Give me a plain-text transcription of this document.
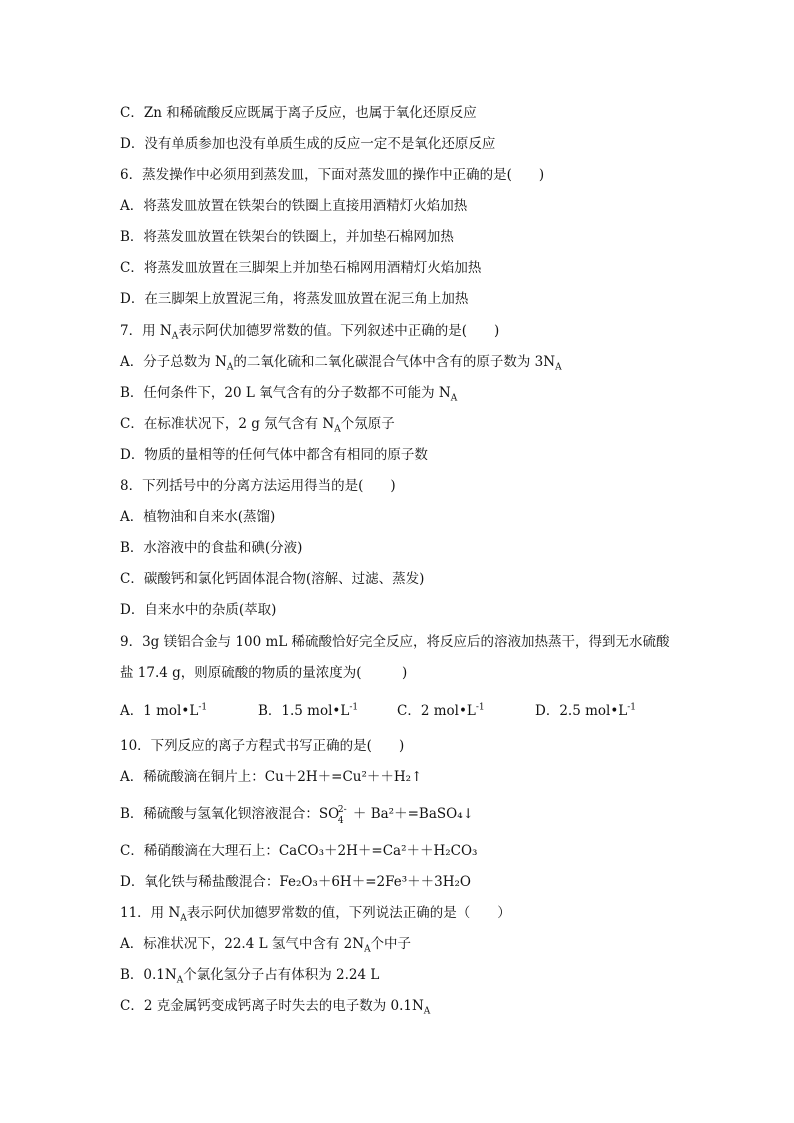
C．Zn 和稀硫酸反应既属于离子反应，也属于氧化还原反应
D．没有单质参加也没有单质生成的反应一定不是氧化还原反应
6．蒸发操作中必须用到蒸发皿，下面对蒸发皿的操作中正确的是(　　)
A．将蒸发皿放置在铁架台的铁圈上直接用酒精灯火焰加热
B．将蒸发皿放置在铁架台的铁圈上，并加垫石棉网加热
C．将蒸发皿放置在三脚架上并加垫石棉网用酒精灯火焰加热
D．在三脚架上放置泥三角，将蒸发皿放置在泥三角上加热
7．用 $N_A$表示阿伏加德罗常数的值。下列叙述中正确的是(　　)
A．分子总数为 $N_A$的二氧化硫和二氧化碳混合气体中含有的原子数为 $3N_A$
B．任何条件下，20 L 氧气含有的分子数都不可能为 $N_A$
C．在标准状况下，2 g 氖气含有 $N_A$个氖原子
D．物质的量相等的任何气体中都含有相同的原子数
8．下列括号中的分离方法运用得当的是(　　)
A．植物油和自来水(蒸馏)
B．水溶液中的食盐和碘(分液)
C．碳酸钙和氯化钙固体混合物(溶解、过滤、蒸发)
D．自来水中的杂质(萃取)
9．3g 镁铝合金与 100 mL 稀硫酸恰好完全反应，将反应后的溶液加热蒸干，得到无水硫酸
盐 17.4 g，则原硫酸的物质的量浓度为(　　　)
A．1 $mol•L^{-1}$	B．1.5 $mol•L^{-1}$	C．2 $mol•L^{-1}$	D．2.5 $mol•L^{-1}$
10．下列反应的离子方程式书写正确的是(　　)
A．稀硫酸滴在铜片上：Cu＋2H＋=Cu²＋＋H₂↑
B．稀硫酸与氢氧化钡溶液混合： SO
2-
4 ＋ Ba²＋=BaSO₄↓
C．稀硝酸滴在大理石上：CaCO₃＋2H＋=Ca²＋＋H₂CO₃
D．氧化铁与稀盐酸混合：Fe₂O₃＋6H＋=2Fe³＋＋3H₂O
11．用 $N_A$表示阿伏加德罗常数的值，下列说法正确的是（　　）
A．标准状况下，22.4 L 氢气中含有 $2N_A$个中子
B．$0.1N_A$个氯化氢分子占有体积为 2.24 L
C．2 克金属钙变成钙离子时失去的电子数为 $0.1N_A$
